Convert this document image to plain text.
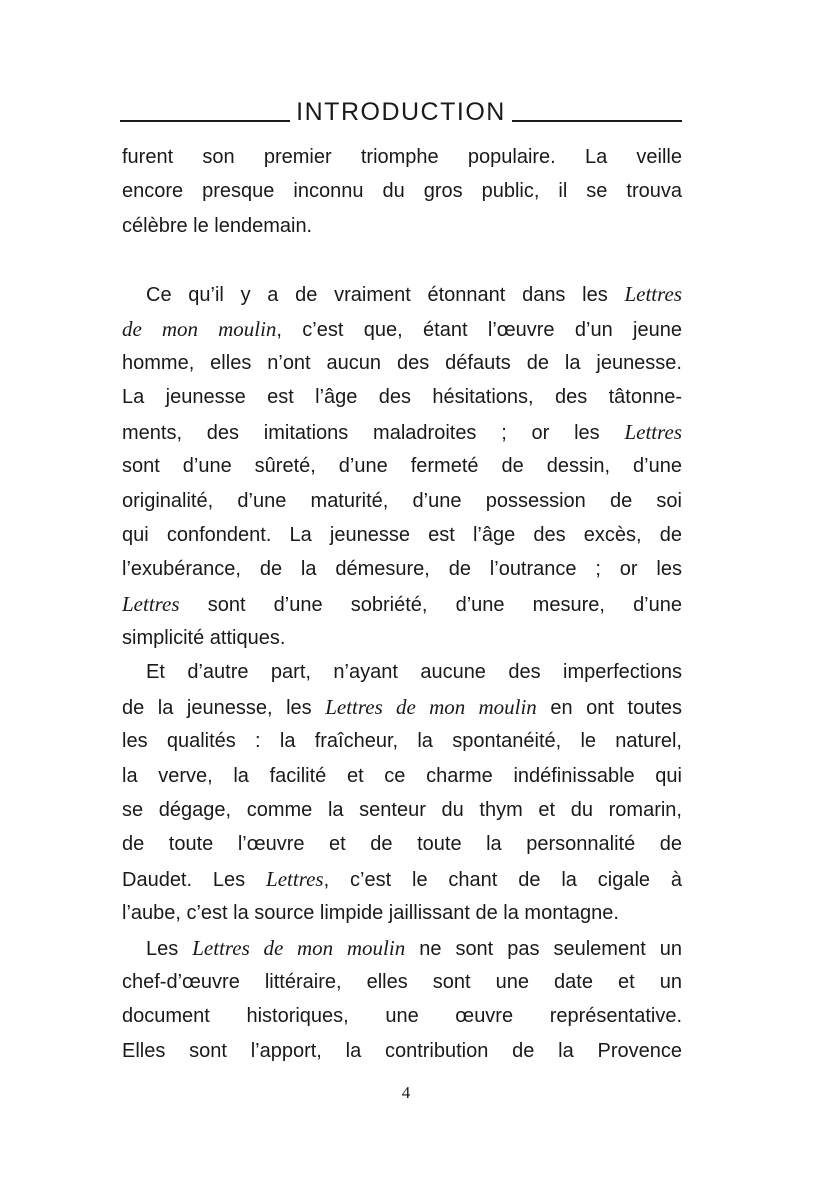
INTRODUCTION
furent son premier triomphe populaire. La veille
encore presque inconnu du gros public, il se trouva
célèbre le lendemain.
Ce qu’il y a de vraiment étonnant dans les Lettres
de mon moulin, c’est que, étant l’œuvre d’un jeune
homme, elles n’ont aucun des défauts de la jeunesse.
La jeunesse est l’âge des hésitations, des tâtonne-
ments, des imitations maladroites ; or les Lettres
sont d’une sûreté, d’une fermeté de dessin, d’une
originalité, d’une maturité, d’une possession de soi
qui confondent. La jeunesse est l’âge des excès, de
l’exubérance, de la démesure, de l’outrance ; or les
Lettres sont d’une sobriété, d’une mesure, d’une
simplicité attiques.
Et d’autre part, n’ayant aucune des imperfections
de la jeunesse, les Lettres de mon moulin en ont toutes
les qualités : la fraîcheur, la spontanéité, le naturel,
la verve, la facilité et ce charme indéfinissable qui
se dégage, comme la senteur du thym et du romarin,
de toute l’œuvre et de toute la personnalité de
Daudet. Les Lettres, c’est le chant de la cigale à
l’aube, c’est la source limpide jaillissant de la montagne.
Les Lettres de mon moulin ne sont pas seulement un
chef-d’œuvre littéraire, elles sont une date et un
document historiques, une œuvre représentative.
Elles sont l’apport, la contribution de la Provence
4
